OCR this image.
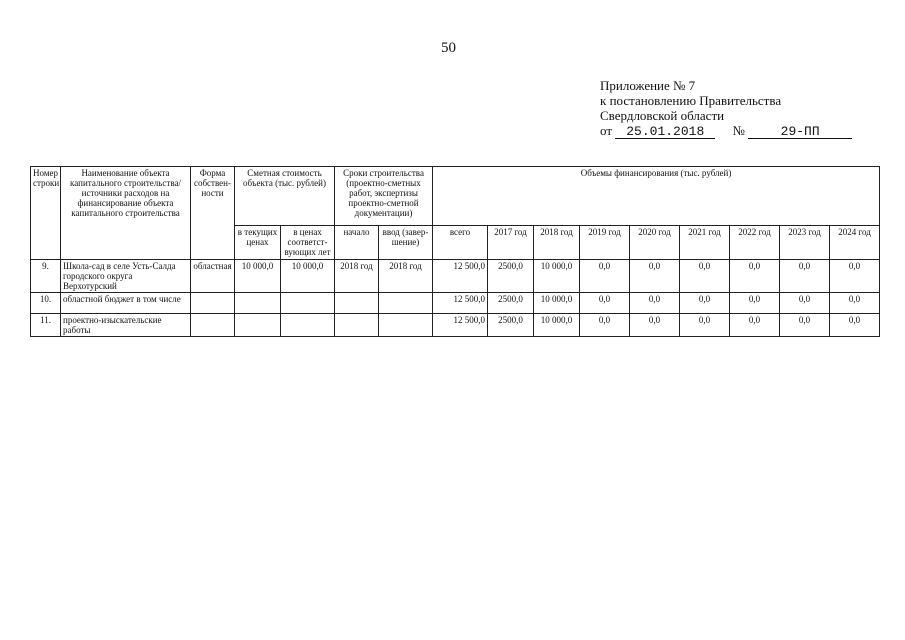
50
Приложение № 7
к постановлению Правительства
Свердловской области
от 25.01.2018 №	29-ПП
Номер строки	Наименование объекта капитального строительства/ источники расходов на финансирование объекта капитального строительства	Форма собствен-ности	Сметная стоимость объекта (тыс. рублей)		Сроки строительства (проектно-сметных работ, экспертизы проектно-сметной документации)		Объемы финансирования (тыс. рублей)								
			в текущих ценах	в ценах соответст-вующих лет	начало	ввод (завер-шение)	всего	2017 год	2018 год	2019 год	2020 год	2021 год	2022 год	2023 год	2024 год
9.	Школа-сад в селе Усть-Салда городского округа Верхотурский	областная	10 000,0	10 000,0	2018 год	2018 год	12 500,0	2500,0	10 000,0	0,0	0,0	0,0	0,0	0,0	0,0
10.	областной бюджет в том числе						12 500,0	2500,0	10 000,0	0,0	0,0	0,0	0,0	0,0	0,0
11.	проектно-изыскательские работы						12 500,0	2500,0	10 000,0	0,0	0,0	0,0	0,0	0,0	0,0
